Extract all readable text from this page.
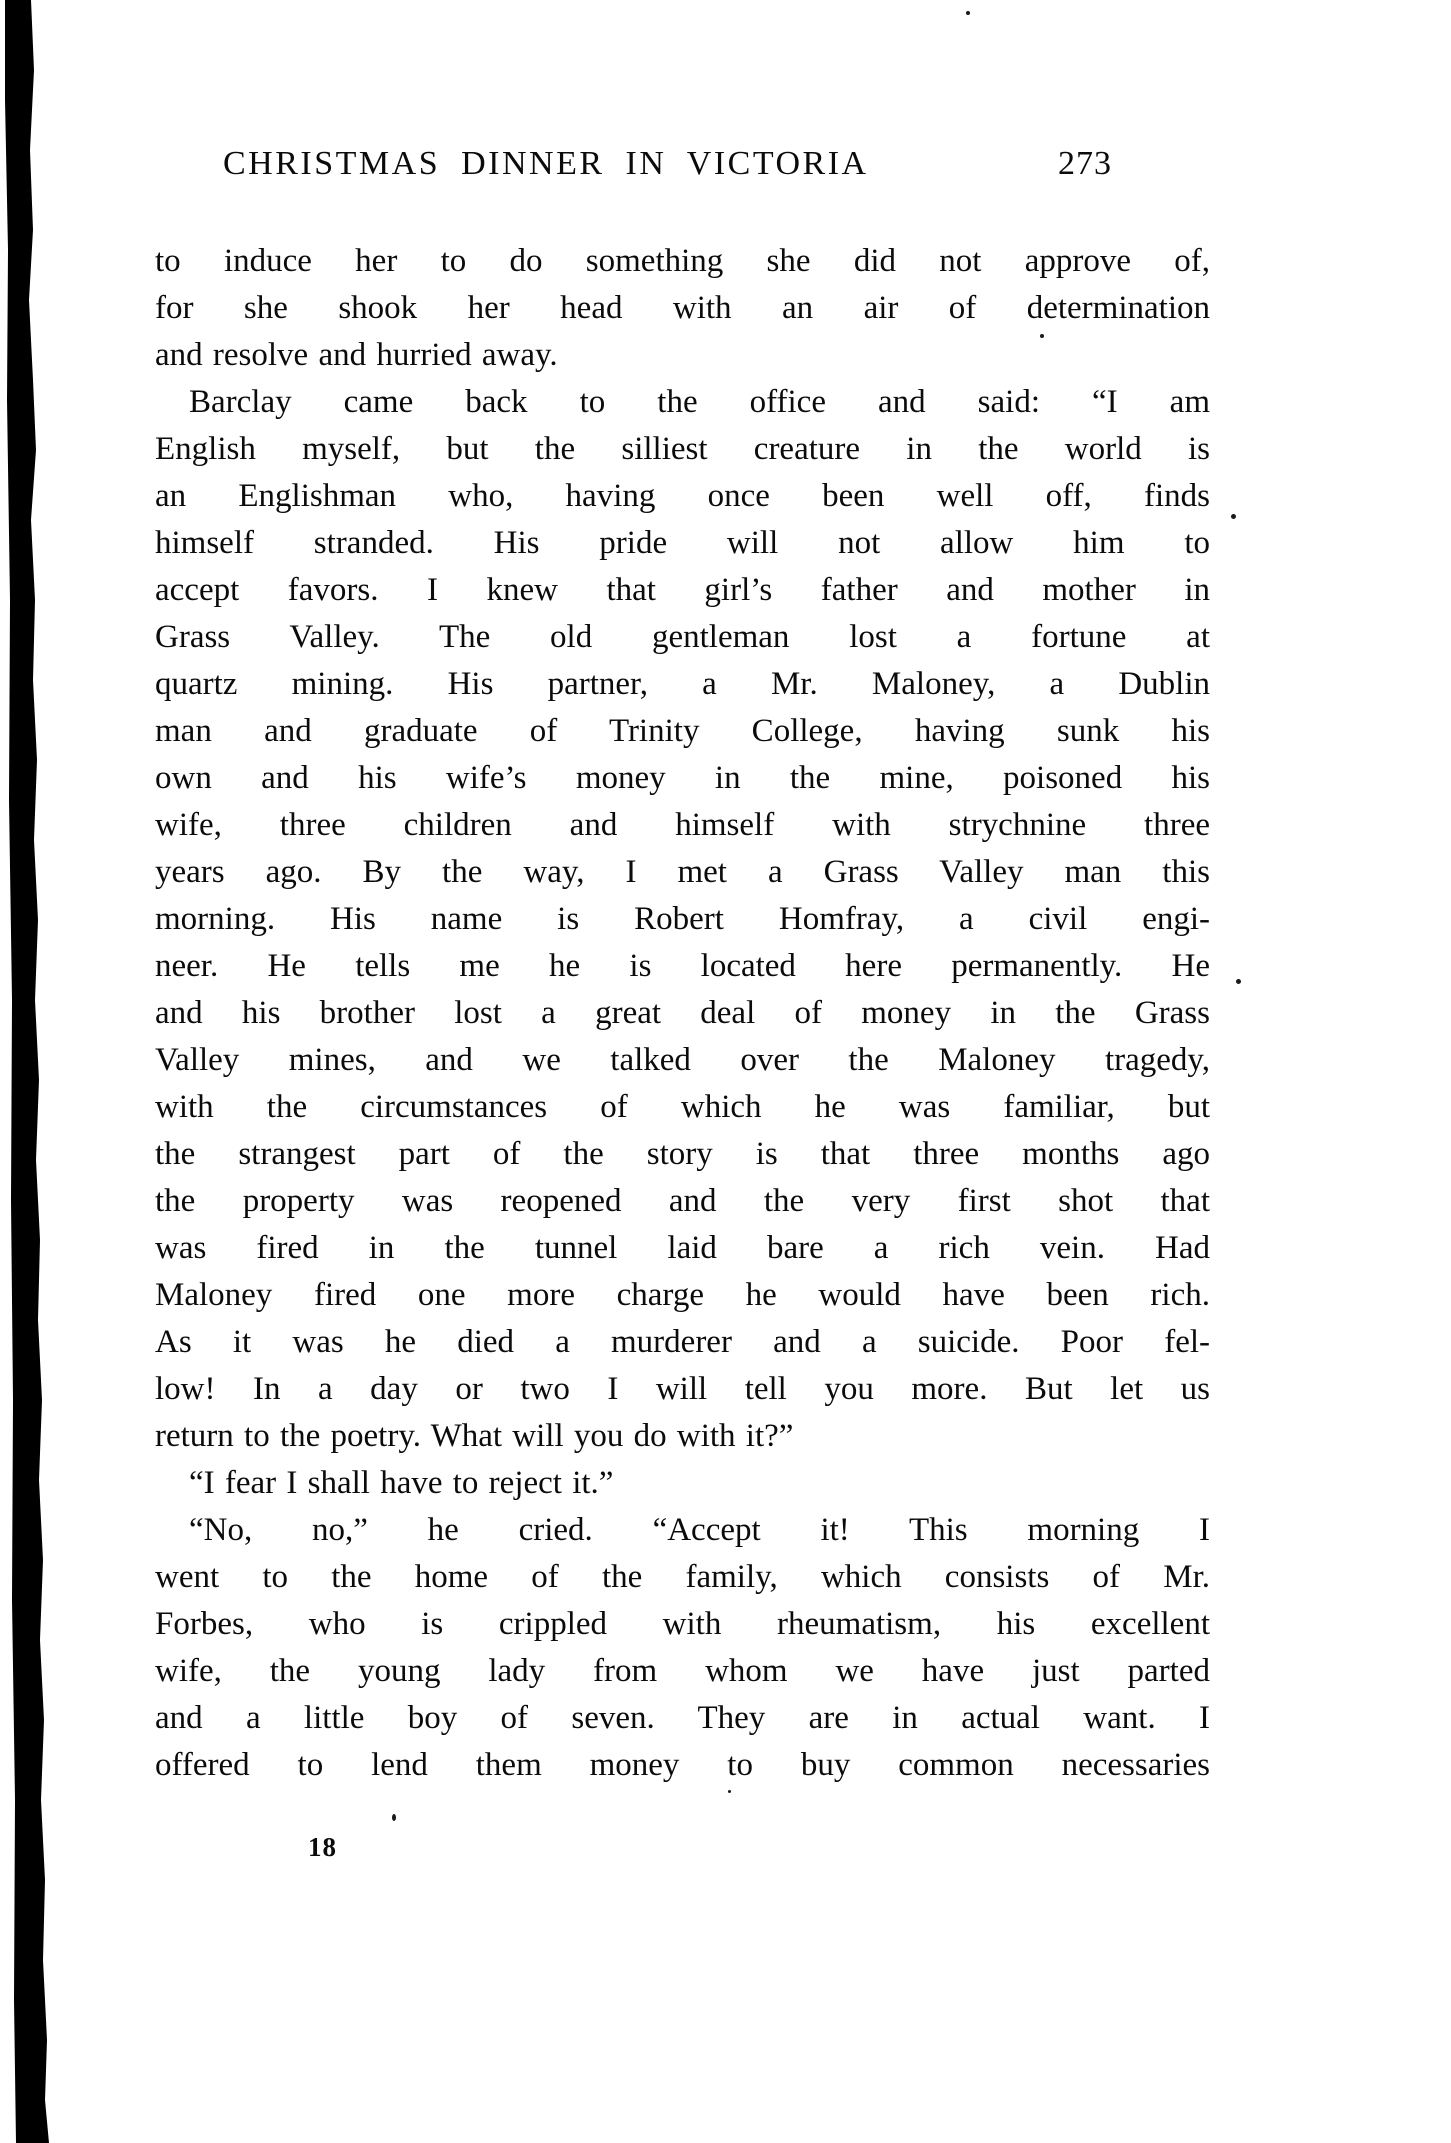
CHRISTMAS DINNER IN VICTORIA	273
to induce her to do something she did not approve of,
for she shook her head with an air of determination
and resolve and hurried away.
Barclay came back to the office and said: “I am
English myself, but the silliest creature in the world is
an Englishman who, having once been well off, finds
himself stranded. His pride will not allow him to
accept favors. I knew that girl’s father and mother in
Grass Valley. The old gentleman lost a fortune at
quartz mining. His partner, a Mr. Maloney, a Dublin
man and graduate of Trinity College, having sunk his
own and his wife’s money in the mine, poisoned his
wife, three children and himself with strychnine three
years ago. By the way, I met a Grass Valley man this
morning. His name is Robert Homfray, a civil engi-
neer. He tells me he is located here permanently. He
and his brother lost a great deal of money in the Grass
Valley mines, and we talked over the Maloney tragedy,
with the circumstances of which he was familiar, but
the strangest part of the story is that three months ago
the property was reopened and the very first shot that
was fired in the tunnel laid bare a rich vein. Had
Maloney fired one more charge he would have been rich.
As it was he died a murderer and a suicide. Poor fel-
low! In a day or two I will tell you more. But let us
return to the poetry. What will you do with it?”
“I fear I shall have to reject it.”
“No, no,” he cried. “Accept it! This morning I
went to the home of the family, which consists of Mr.
Forbes, who is crippled with rheumatism, his excellent
wife, the young lady from whom we have just parted
and a little boy of seven. They are in actual want. I
offered to lend them money to buy common necessaries
18
